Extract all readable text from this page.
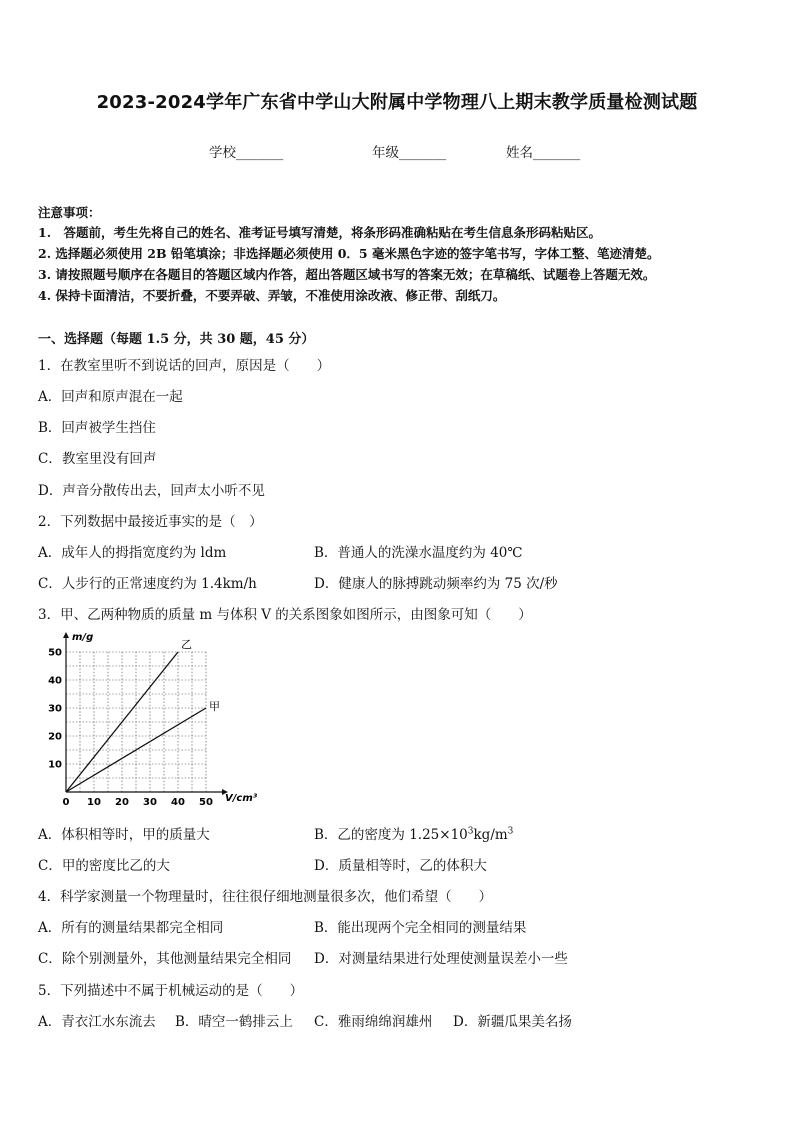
2023-2024学年广东省中学山大附属中学物理八上期末教学质量检测试题
学校_______	年级_______	姓名_______
注意事项：
1.　答题前，考生先将自己的姓名、准考证号填写清楚，将条形码准确粘贴在考生信息条形码粘贴区。
2. 选择题必须使用 2B 铅笔填涂；非选择题必须使用 0．5 毫米黑色字迹的签字笔书写，字体工整、笔迹清楚。
3. 请按照题号顺序在各题目的答题区域内作答，超出答题区域书写的答案无效；在草稿纸、试题卷上答题无效。
4. 保持卡面清洁，不要折叠，不要弄破、弄皱，不准使用涂改液、修正带、刮纸刀。
一、选择题（每题 1.5 分，共 30 题，45 分）
1．在教室里听不到说话的回声，原因是（　　）
A．回声和原声混在一起
B．回声被学生挡住
C．教室里没有回声
D．声音分散传出去，回声太小听不见
2．下列数据中最接近事实的是（　）
A．成年人的拇指宽度约为 ldm	B．普通人的洗澡水温度约为 40℃
C．人步行的正常速度约为 1.4km/h	D．健康人的脉搏跳动频率约为 75 次/秒
3．甲、乙两种物质的质量 m 与体积 V 的关系图象如图所示，由图象可知（　　）
0 10 20 30 40 50
10
20
30
40
50
乙
甲
m/g
V/cm³
A．体积相等时，甲的质量大	B．乙的密度为 $1.25\times 10^3kg/m^3$
C．甲的密度比乙的大	D．质量相等时，乙的体积大
4．科学家测量一个物理量时，往往很仔细地测量很多次，他们希望（　　）
A．所有的测量结果都完全相同	B．能出现两个完全相同的测量结果
C．除个别测量外，其他测量结果完全相同 D．对测量结果进行处理使测量误差小一些
5．下列描述中不属于机械运动的是（　　）
A．青衣江水东流去 B．晴空一鹤排云上 C．雅雨绵绵润雄州 D．新疆瓜果美名扬
